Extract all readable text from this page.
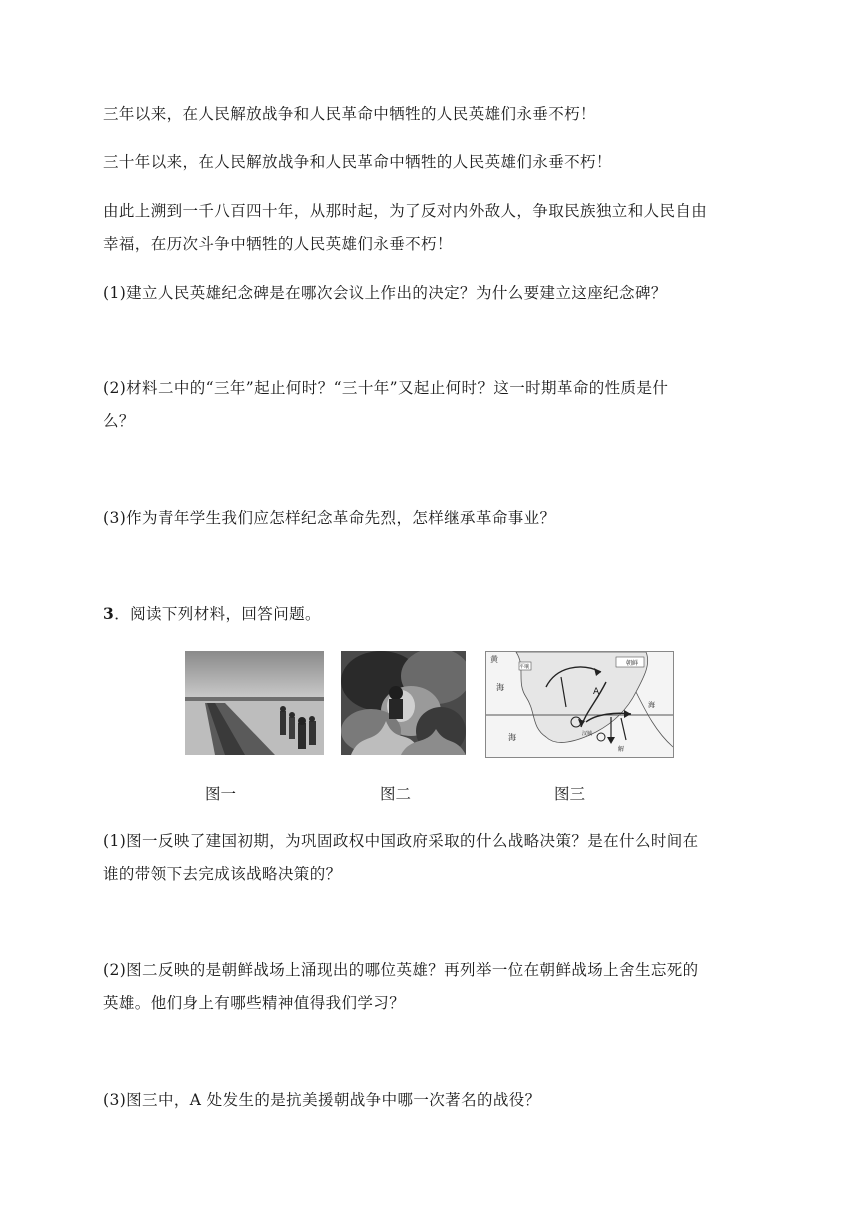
三年以来，在人民解放战争和人民革命中牺牲的人民英雄们永垂不朽！
三十年以来，在人民解放战争和人民革命中牺牲的人民英雄们永垂不朽！
由此上溯到一千八百四十年，从那时起，为了反对内外敌人，争取民族独立和人民自由
幸福，在历次斗争中牺牲的人民英雄们永垂不朽！
(1)建立人民英雄纪念碑是在哪次会议上作出的决定？为什么要建立这座纪念碑？
(2)材料二中的“三年”起止何时？“三十年”又起止何时？这一时期革命的性质是什
么？
(3)作为青年学生我们应怎样纪念革命先烈，怎样继承革命事业？
3．阅读下列材料，回答问题。
黄
海
海
平壤	朝鲜
A
海
汉城
解
图一	图二	图三
(1)图一反映了建国初期，为巩固政权中国政府采取的什么战略决策？是在什么时间在
谁的带领下去完成该战略决策的？
(2)图二反映的是朝鲜战场上涌现出的哪位英雄？再列举一位在朝鲜战场上舍生忘死的
英雄。他们身上有哪些精神值得我们学习？
(3)图三中，A 处发生的是抗美援朝战争中哪一次著名的战役？
